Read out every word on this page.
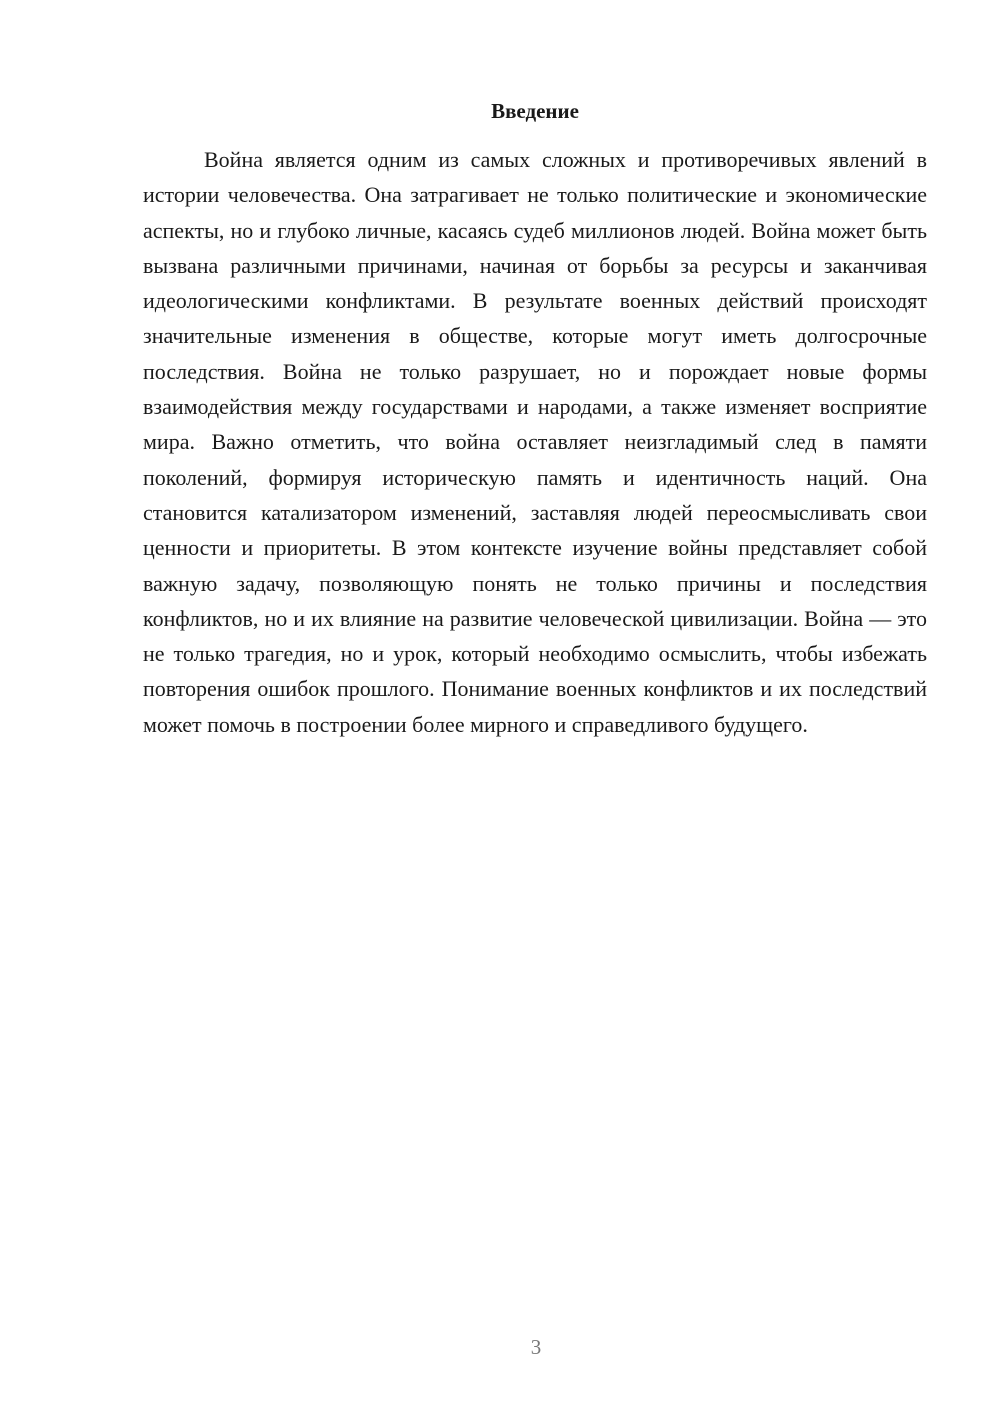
Введение

Война является одним из самых сложных и противоречивых явлений в истории человечества. Она затрагивает не только политические и экономические аспекты, но и глубоко личные, касаясь судеб миллионов людей. Война может быть вызвана различными причинами, начиная от борьбы за ресурсы и заканчивая идеологическими конфликтами. В результате военных действий происходят значительные изменения в обществе, которые могут иметь долгосрочные последствия. Война не только разрушает, но и порождает новые формы взаимодействия между государствами и народами, а также изменяет восприятие мира. Важно отметить, что война оставляет неизгладимый след в памяти поколений, формируя историческую память и идентичность наций. Она становится катализатором изменений, заставляя людей переосмысливать свои ценности и приоритеты. В этом контексте изучение войны представляет собой важную задачу, позволяющую понять не только причины и последствия конфликтов, но и их влияние на развитие человеческой цивилизации. Война — это не только трагедия, но и урок, который необходимо осмыслить, чтобы избежать повторения ошибок прошлого. Понимание военных конфликтов и их последствий может помочь в построении более мирного и справедливого будущего.

3
